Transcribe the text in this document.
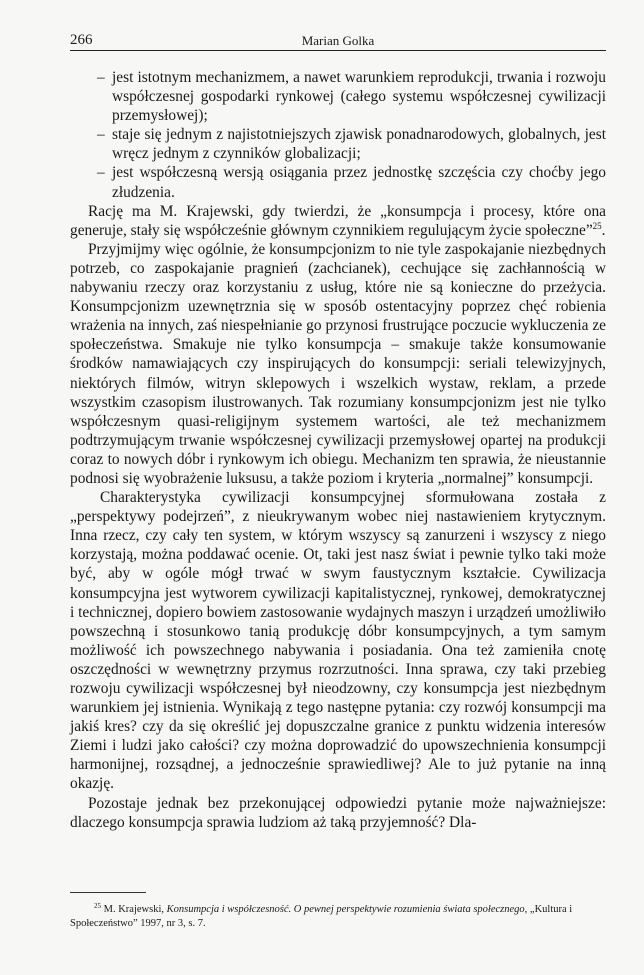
266	Marian Golka
– jest istotnym mechanizmem, a nawet warunkiem reprodukcji, trwania i rozwoju współczesnej gospodarki rynkowej (całego systemu współczesnej cywilizacji przemysłowej);
– staje się jednym z najistotniejszych zjawisk ponadnarodowych, globalnych, jest wręcz jednym z czynników globalizacji;
– jest współczesną wersją osiągania przez jednostkę szczęścia czy choćby jego złudzenia.

Rację ma M. Krajewski, gdy twierdzi, że „konsumpcja i procesy, które ona generuje, stały się współcześnie głównym czynnikiem regulującym życie społeczne”$^{25}$.

Przyjmijmy więc ogólnie, że konsumpcjonizm to nie tyle zaspokajanie niezbędnych potrzeb, co zaspokajanie pragnień (zachcianek), cechujące się zachłannością w nabywaniu rzeczy oraz korzystaniu z usług, które nie są konieczne do przeżycia. Konsumpcjonizm uzewnętrznia się w sposób ostentacyjny poprzez chęć robienia wrażenia na innych, zaś niespełnianie go przynosi frustrujące poczucie wykluczenia ze społeczeństwa. Smakuje nie tylko konsumpcja – smakuje także konsumowanie środków namawiających czy inspirujących do konsumpcji: seriali telewizyjnych, niektórych filmów, witryn sklepowych i wszelkich wystaw, reklam, a przede wszystkim czasopism ilustrowanych. Tak rozumiany konsumpcjonizm jest nie tylko współczesnym quasi-religijnym systemem wartości, ale też mechanizmem podtrzymującym trwanie współczesnej cywilizacji przemysłowej opartej na produkcji coraz to nowych dóbr i rynkowym ich obiegu. Mechanizm ten sprawia, że nieustannie podnosi się wyobrażenie luksusu, a także poziom i kryteria „normalnej” konsumpcji.

Charakterystyka cywilizacji konsumpcyjnej sformułowana została z „perspektywy podejrzeń”, z nieukrywanym wobec niej nastawieniem krytycznym. Inna rzecz, czy cały ten system, w którym wszyscy są zanurzeni i wszyscy z niego korzystają, można poddawać ocenie. Ot, taki jest nasz świat i pewnie tylko taki może być, aby w ogóle mógł trwać w swym faustycznym kształcie. Cywilizacja konsumpcyjna jest wytworem cywilizacji kapitalistycznej, rynkowej, demokratycznej i technicznej, dopiero bowiem zastosowanie wydajnych maszyn i urządzeń umożliwiło powszechną i stosunkowo tanią produkcję dóbr konsumpcyjnych, a tym samym możliwość ich powszechnego nabywania i posiadania. Ona też zamieniła cnotę oszczędności w wewnętrzny przymus rozrzutności. Inna sprawa, czy taki przebieg rozwoju cywilizacji współczesnej był nieodzowny, czy konsumpcja jest niezbędnym warunkiem jej istnienia. Wynikają z tego następne pytania: czy rozwój konsumpcji ma jakiś kres? czy da się określić jej dopuszczalne granice z punktu widzenia interesów Ziemi i ludzi jako całości? czy można doprowadzić do upowszechnienia konsumpcji harmonijnej, rozsądnej, a jednocześnie sprawiedliwej? Ale to już pytanie na inną okazję.

Pozostaje jednak bez przekonującej odpowiedzi pytanie może najważniejsze: dlaczego konsumpcja sprawia ludziom aż taką przyjemność? Dla-

$^{25}$ M. Krajewski, Konsumpcja i współczesność. O pewnej perspektywie rozumienia świata społecznego, „Kultura i Społeczeństwo” 1997, nr 3, s. 7.
